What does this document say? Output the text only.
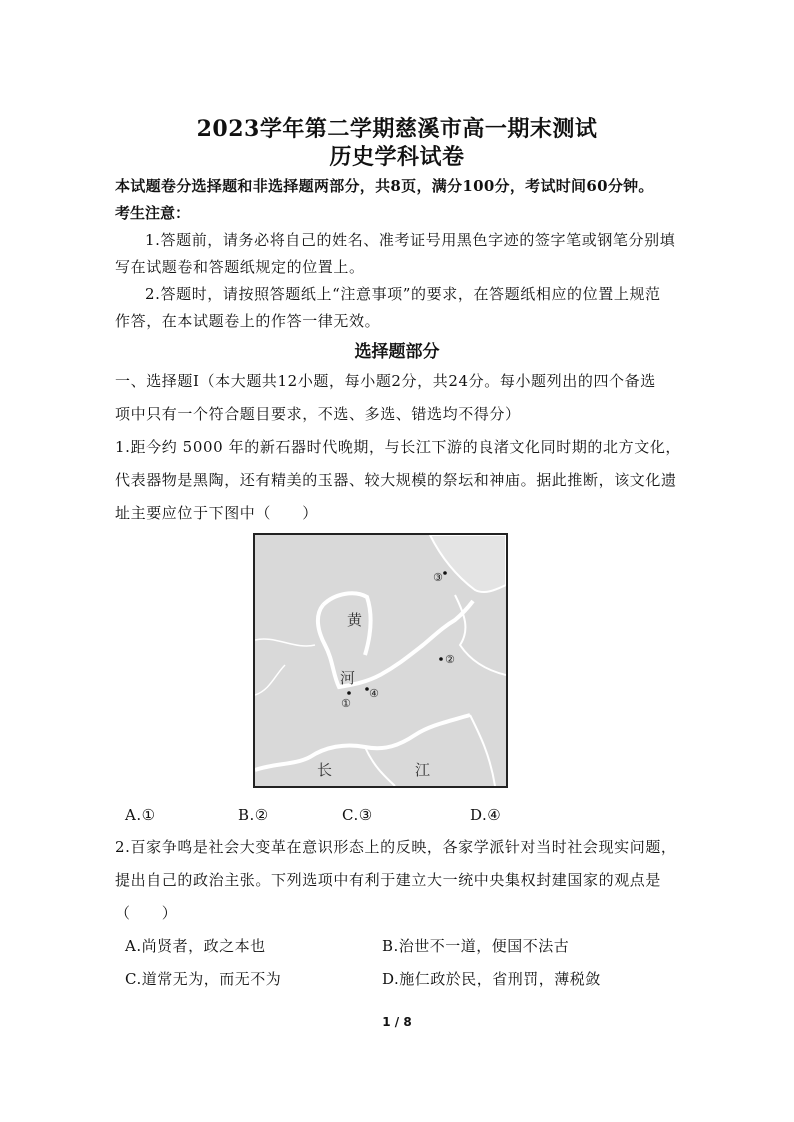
2023学年第二学期慈溪市高一期末测试
历史学科试卷
本试题卷分选择题和非选择题两部分，共8页，满分100分，考试时间60分钟。
考生注意：
1.答题前，请务必将自己的姓名、准考证号用黑色字迹的签字笔或钢笔分别填
写在试题卷和答题纸规定的位置上。
2.答题时，请按照答题纸上“注意事项”的要求，在答题纸相应的位置上规范
作答，在本试题卷上的作答一律无效。
选择题部分
一、选择题Ⅰ（本大题共12小题，每小题2分，共24分。每小题列出的四个备选
项中只有一个符合题目要求，不选、多选、错选均不得分）
1.距今约 5000 年的新石器时代晚期，与长江下游的良渚文化同时期的北方文化，
代表器物是黑陶，还有精美的玉器、较大规模的祭坛和神庙。据此推断，该文化遗
址主要应位于下图中（　　）
黄
河
长	江
①
②
③
④
A.①	B.②	C.③	D.④
2.百家争鸣是社会大变革在意识形态上的反映，各家学派针对当时社会现实问题，
提出自己的政治主张。下列选项中有利于建立大一统中央集权封建国家的观点是
（　　）
A.尚贤者，政之本也	B.治世不一道，便国不法古
C.道常无为，而无不为	D.施仁政於民，省刑罚，薄税敛
1 / 8
